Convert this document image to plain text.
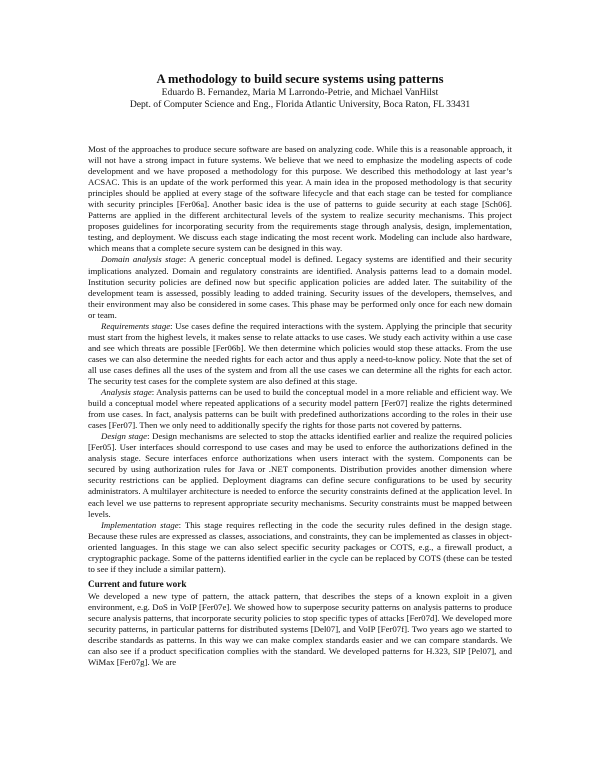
A methodology to build secure systems using patterns

Eduardo B. Fernandez, Maria M Larrondo-Petrie, and Michael VanHilst

Dept. of Computer Science and Eng., Florida Atlantic University, Boca Raton, FL 33431

Most of the approaches to produce secure software are based on analyzing code. While this is a reasonable approach, it will not have a strong impact in future systems. We believe that we need to emphasize the modeling aspects of code development and we have proposed a methodology for this purpose. We described this methodology at last year’s ACSAC. This is an update of the work performed this year. A main idea in the proposed methodology is that security principles should be applied at every stage of the software lifecycle and that each stage can be tested for compliance with security principles [Fer06a]. Another basic idea is the use of patterns to guide security at each stage [Sch06]. Patterns are applied in the different architectural levels of the system to realize security mechanisms. This project proposes guidelines for incorporating security from the requirements stage through analysis, design, implementation, testing, and deployment. We discuss each stage indicating the most recent work. Modeling can include also hardware, which means that a complete secure system can be designed in this way.

Domain analysis stage: A generic conceptual model is defined. Legacy systems are identified and their security implications analyzed. Domain and regulatory constraints are identified. Analysis patterns lead to a domain model. Institution security policies are defined now but specific application policies are added later. The suitability of the development team is assessed, possibly leading to added training. Security issues of the developers, themselves, and their environment may also be considered in some cases. This phase may be performed only once for each new domain or team.

Requirements stage: Use cases define the required interactions with the system. Applying the principle that security must start from the highest levels, it makes sense to relate attacks to use cases. We study each activity within a use case and see which threats are possible [Fer06b]. We then determine which policies would stop these attacks. From the use cases we can also determine the needed rights for each actor and thus apply a need-to-know policy. Note that the set of all use cases defines all the uses of the system and from all the use cases we can determine all the rights for each actor. The security test cases for the complete system are also defined at this stage.

Analysis stage: Analysis patterns can be used to build the conceptual model in a more reliable and efficient way. We build a conceptual model where repeated applications of a security model pattern [Fer07] realize the rights determined from use cases. In fact, analysis patterns can be built with predefined authorizations according to the roles in their use cases [Fer07]. Then we only need to additionally specify the rights for those parts not covered by patterns.

Design stage: Design mechanisms are selected to stop the attacks identified earlier and realize the required policies [Fer05]. User interfaces should correspond to use cases and may be used to enforce the authorizations defined in the analysis stage. Secure interfaces enforce authorizations when users interact with the system. Components can be secured by using authorization rules for Java or .NET components. Distribution provides another dimension where security restrictions can be applied. Deployment diagrams can define secure configurations to be used by security administrators. A multilayer architecture is needed to enforce the security constraints defined at the application level. In each level we use patterns to represent appropriate security mechanisms. Security constraints must be mapped between levels.

Implementation stage: This stage requires reflecting in the code the security rules defined in the design stage. Because these rules are expressed as classes, associations, and constraints, they can be implemented as classes in object-oriented languages. In this stage we can also select specific security packages or COTS, e.g., a firewall product, a cryptographic package. Some of the patterns identified earlier in the cycle can be replaced by COTS (these can be tested to see if they include a similar pattern).

Current and future work

We developed a new type of pattern, the attack pattern, that describes the steps of a known exploit in a given environment, e.g. DoS in VoIP [Fer07e]. We showed how to superpose security patterns on analysis patterns to produce secure analysis patterns, that incorporate security policies to stop specific types of attacks [Fer07d]. We developed more security patterns, in particular patterns for distributed systems [Del07], and VoIP [Fer07f]. Two years ago we started to describe standards as patterns. In this way we can make complex standards easier and we can compare standards. We can also see if a product specification complies with the standard. We developed patterns for H.323, SIP [Pel07], and WiMax [Fer07g]. We are
